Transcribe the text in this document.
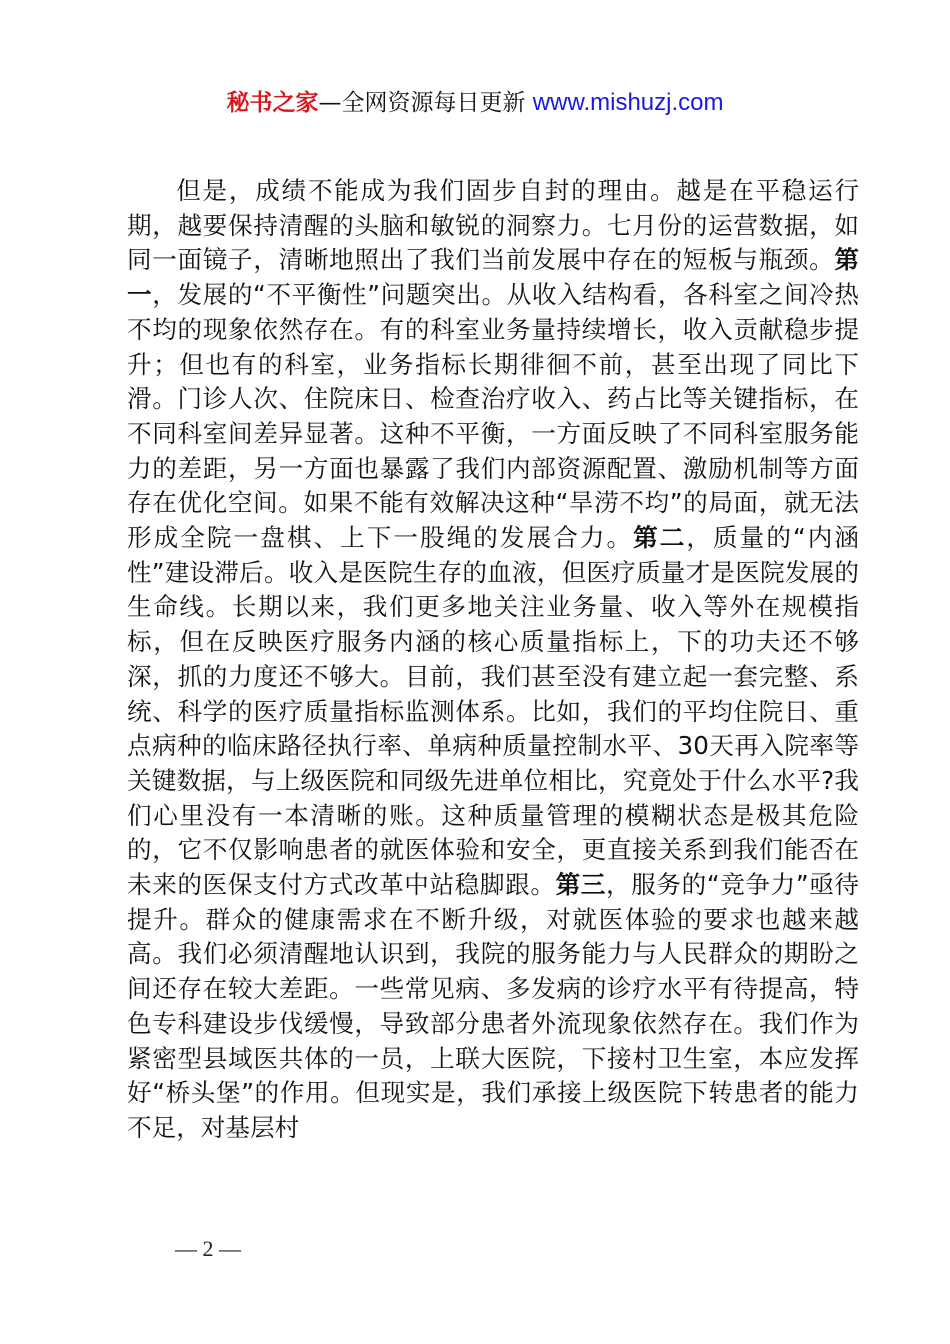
秘书之家—全网资源每日更新 www.mishuzj.com

但是，成绩不能成为我们固步自封的理由。越是在平稳运行期，越要保持清醒的头脑和敏锐的洞察力。七月份的运营数据，如同一面镜子，清晰地照出了我们当前发展中存在的短板与瓶颈。第一，发展的“不平衡性”问题突出。从收入结构看，各科室之间冷热不均的现象依然存在。有的科室业务量持续增长，收入贡献稳步提升；但也有的科室，业务指标长期徘徊不前，甚至出现了同比下滑。门诊人次、住院床日、检查治疗收入、药占比等关键指标，在不同科室间差异显著。这种不平衡，一方面反映了不同科室服务能力的差距，另一方面也暴露了我们内部资源配置、激励机制等方面存在优化空间。如果不能有效解决这种“旱涝不均”的局面，就无法形成全院一盘棋、上下一股绳的发展合力。第二，质量的“内涵性”建设滞后。收入是医院生存的血液，但医疗质量才是医院发展的生命线。长期以来，我们更多地关注业务量、收入等外在规模指标，但在反映医疗服务内涵的核心质量指标上，下的功夫还不够深，抓的力度还不够大。目前，我们甚至没有建立起一套完整、系统、科学的医疗质量指标监测体系。比如，我们的平均住院日、重点病种的临床路径执行率、单病种质量控制水平、30天再入院率等关键数据，与上级医院和同级先进单位相比，究竟处于什么水平?我们心里没有一本清晰的账。这种质量管理的模糊状态是极其危险的，它不仅影响患者的就医体验和安全，更直接关系到我们能否在未来的医保支付方式改革中站稳脚跟。第三，服务的“竞争力”亟待提升。群众的健康需求在不断升级，对就医体验的要求也越来越高。我们必须清醒地认识到，我院的服务能力与人民群众的期盼之间还存在较大差距。一些常见病、多发病的诊疗水平有待提高，特色专科建设步伐缓慢，导致部分患者外流现象依然存在。我们作为紧密型县域医共体的一员，上联大医院，下接村卫生室，本应发挥好“桥头堡”的作用。但现实是，我们承接上级医院下转患者的能力不足，对基层村

— 2 —
